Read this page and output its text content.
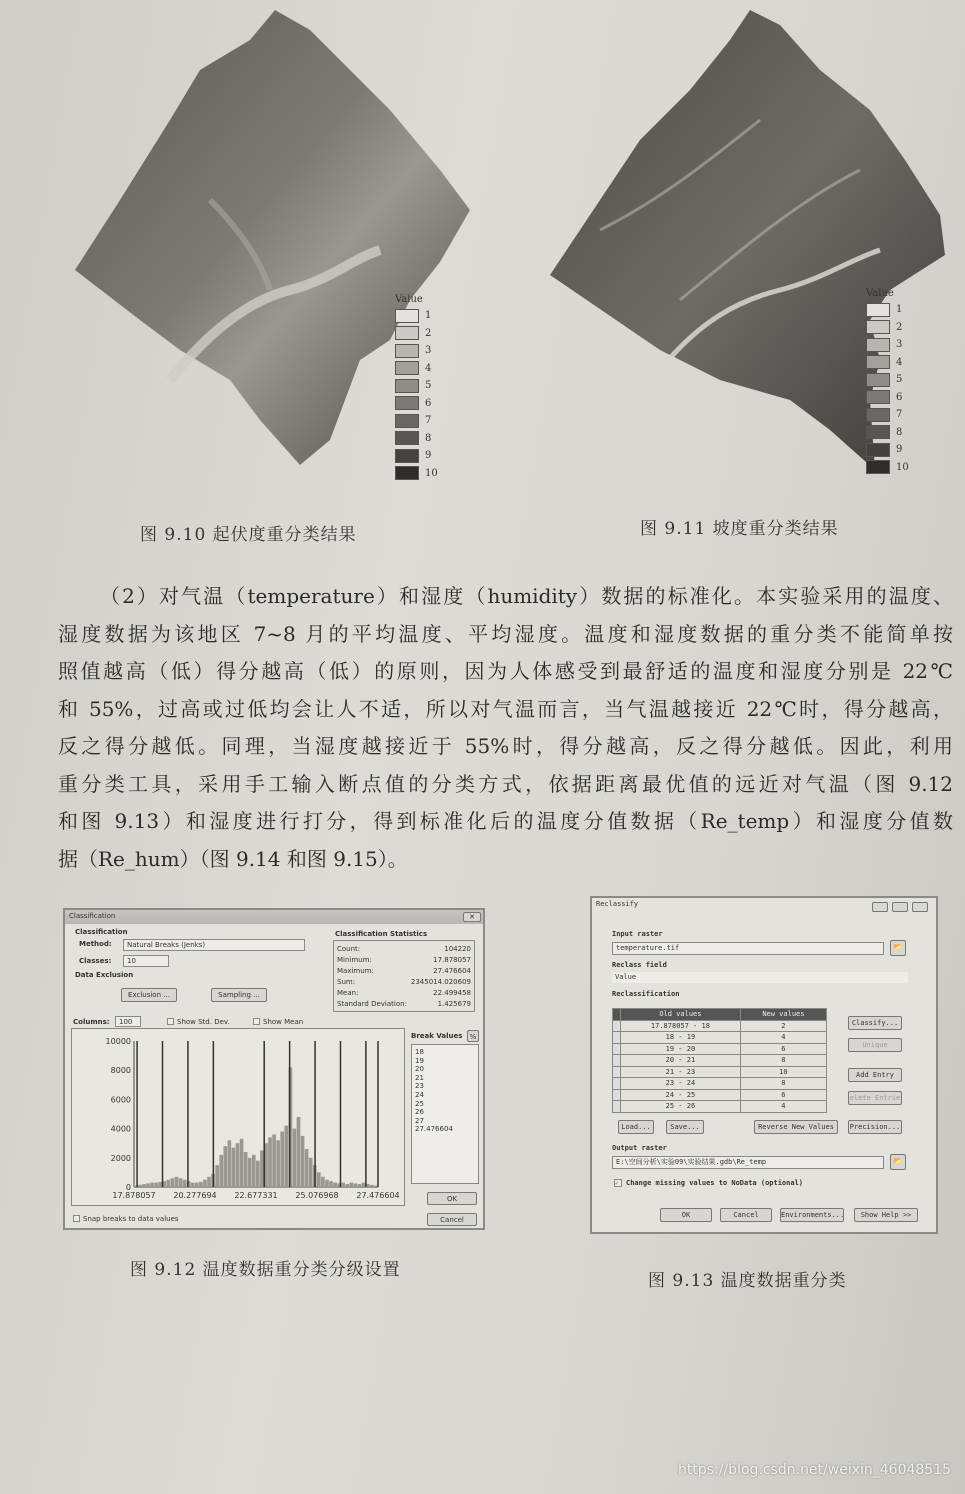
Value
1
2
3
4
5
6
7
8
9
10
图 9.10 起伏度重分类结果
Value
1
2
3
4
5
6
7
8
9
10
图 9.11 坡度重分类结果
（2）对气温（temperature）和湿度（humidity）数据的标准化。本实验采用的温度、
湿度数据为该地区 7~8 月的平均温度、平均湿度。温度和湿度数据的重分类不能简单按
照值越高（低）得分越高（低）的原则，因为人体感受到最舒适的温度和湿度分别是 22℃
和 55%，过高或过低均会让人不适，所以对气温而言，当气温越接近 22℃时，得分越高，
反之得分越低。同理，当湿度越接近于 55%时，得分越高，反之得分越低。因此，利用
重分类工具，采用手工输入断点值的分类方式，依据距离最优值的远近对气温（图 9.12
和图 9.13）和湿度进行打分，得到标准化后的温度分值数据（Re_temp）和湿度分值数
据（Re_hum）（图 9.14 和图 9.15）。
Classification	✕
Classification
Method:	Natural Breaks (Jenks)
Classes:	10
Data Exclusion
Exclusion ...	Sampling ...
Classification Statistics
Count:	104220
Minimum:	17.878057
Maximum:	27.476604
Sum:	2345014.020609
Mean:	22.499458
Standard Deviation:	1.425679
Columns:	100	Show Std. Dev.	Show Mean
0
2000
4000
6000
8000
10000
17.878057 20.277694 22.677331 25.076968 27.476604
Break Values	%
18
19
20
21
23
24
25
26
27
27.476604
OK
Cancel
Snap breaks to data values
图 9.12 温度数据重分类分级设置
Reclassify
Input raster
temperature.tif	📂
Reclass field
Value
Reclassification
	Old values	New values
	17.878057 - 18	2
	18 - 19	4
	19 - 20	6
	20 - 21	8
	21 - 23	10
	23 - 24	8
	24 - 25	6
	25 - 26	4
Classify...
Unique
Add Entry
elete Entrie
Load...	Save...	Reverse New Values	Precision...
Output raster
E:\空间分析\实验09\实验结果.gdb\Re_temp	📂
✓	Change missing values to NoData (optional)
OK	Cancel	Environments...	Show Help >>
图 9.13 温度数据重分类
https://blog.csdn.net/weixin_46048515
